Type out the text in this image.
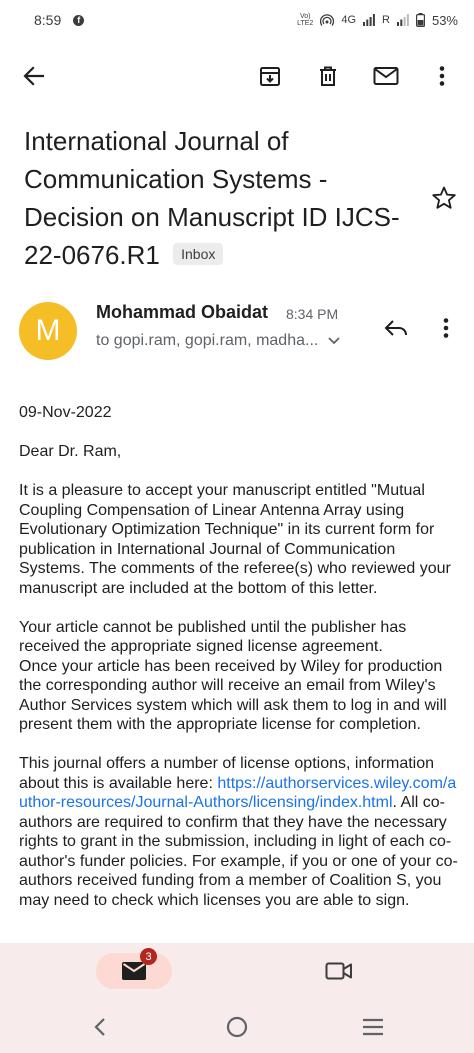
8:59	f	Vo)
LTE2	4G R	53%
International Journal of Communication Systems - Decision on Manuscript ID IJCS-22-0676.R1 Inbox
M
Mohammad Obaidat 8:34 PM
to gopi.ram, gopi.ram, madha...

09-Nov-2022

Dear Dr. Ram,

It is a pleasure to accept your manuscript entitled "Mutual Coupling Compensation of Linear Antenna Array using Evolutionary Optimization Technique" in its current form for publication in International Journal of Communication Systems. The comments of the referee(s) who reviewed your manuscript are included at the bottom of this letter.

Your article cannot be published until the publisher has received the appropriate signed license agreement.
Once your article has been received by Wiley for production the corresponding author will receive an email from Wiley's Author Services system which will ask them to log in and will present them with the appropriate license for completion.

This journal offers a number of license options, information about this is available here: https://authorservices.wiley.com/author-resources/Journal-Authors/licensing/index.html. All co-authors are required to confirm that they have the necessary rights to grant in the submission, including in light of each co-author's funder policies. For example, if you or one of your co-authors received funding from a member of Coalition S, you may need to check which licenses you are able to sign.

3
